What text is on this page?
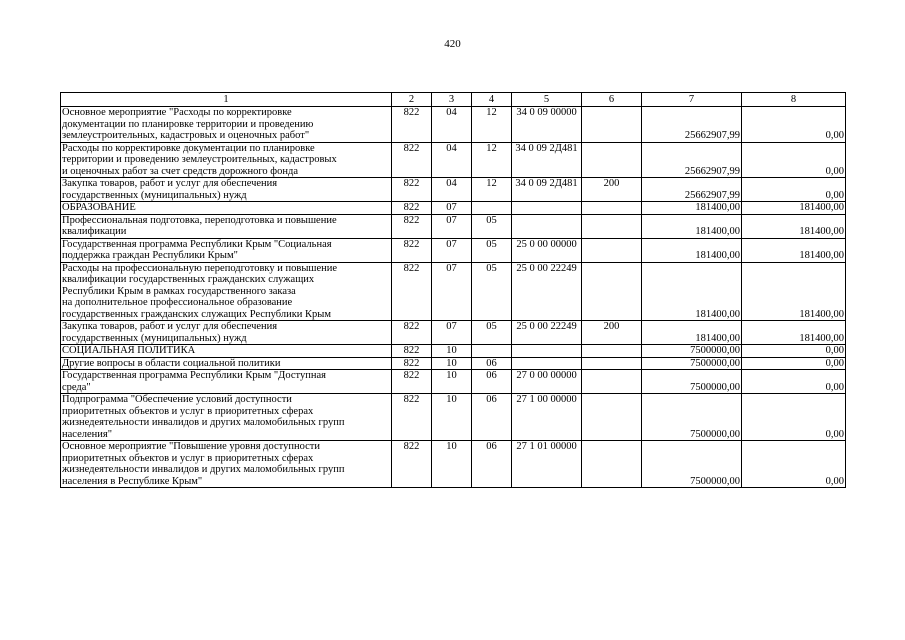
420
1	2	3	4	5	6	7	8
Основное мероприятие "Расходы по корректировке
документации по планировке территории и проведению
землеустроительных, кадастровых и оценочных работ"	822	04	12	34 0 09 00000		25662907,99	0,00
Расходы по корректировке документации по планировке
территории и проведению землеустроительных, кадастровых
и оценочных работ за счет средств дорожного фонда	822	04	12	34 0 09 2Д481		25662907,99	0,00
Закупка товаров, работ и услуг для обеспечения
государственных (муниципальных) нужд	822	04	12	34 0 09 2Д481	200	25662907,99	0,00
ОБРАЗОВАНИЕ	822	07				181400,00	181400,00
Профессиональная подготовка, переподготовка и повышение
квалификации	822	07	05			181400,00	181400,00
Государственная программа Республики Крым "Социальная
поддержка граждан Республики Крым"	822	07	05	25 0 00 00000		181400,00	181400,00
Расходы на профессиональную переподготовку и повышение
квалификации государственных гражданских служащих
Республики Крым в рамках государственного заказа
на дополнительное профессиональное образование
государственных гражданских служащих Республики Крым	822	07	05	25 0 00 22249		181400,00	181400,00
Закупка товаров, работ и услуг для обеспечения
государственных (муниципальных) нужд	822	07	05	25 0 00 22249	200	181400,00	181400,00
СОЦИАЛЬНАЯ ПОЛИТИКА	822	10				7500000,00	0,00
Другие вопросы в области социальной политики	822	10	06			7500000,00	0,00
Государственная программа Республики Крым "Доступная
среда"	822	10	06	27 0 00 00000		7500000,00	0,00
Подпрограмма "Обеспечение условий доступности
приоритетных объектов и услуг в приоритетных сферах
жизнедеятельности инвалидов и других маломобильных групп
населения"	822	10	06	27 1 00 00000		7500000,00	0,00
Основное мероприятие "Повышение уровня доступности
приоритетных объектов и услуг в приоритетных сферах
жизнедеятельности инвалидов и других маломобильных групп
населения в Республике Крым"	822	10	06	27 1 01 00000		7500000,00	0,00
